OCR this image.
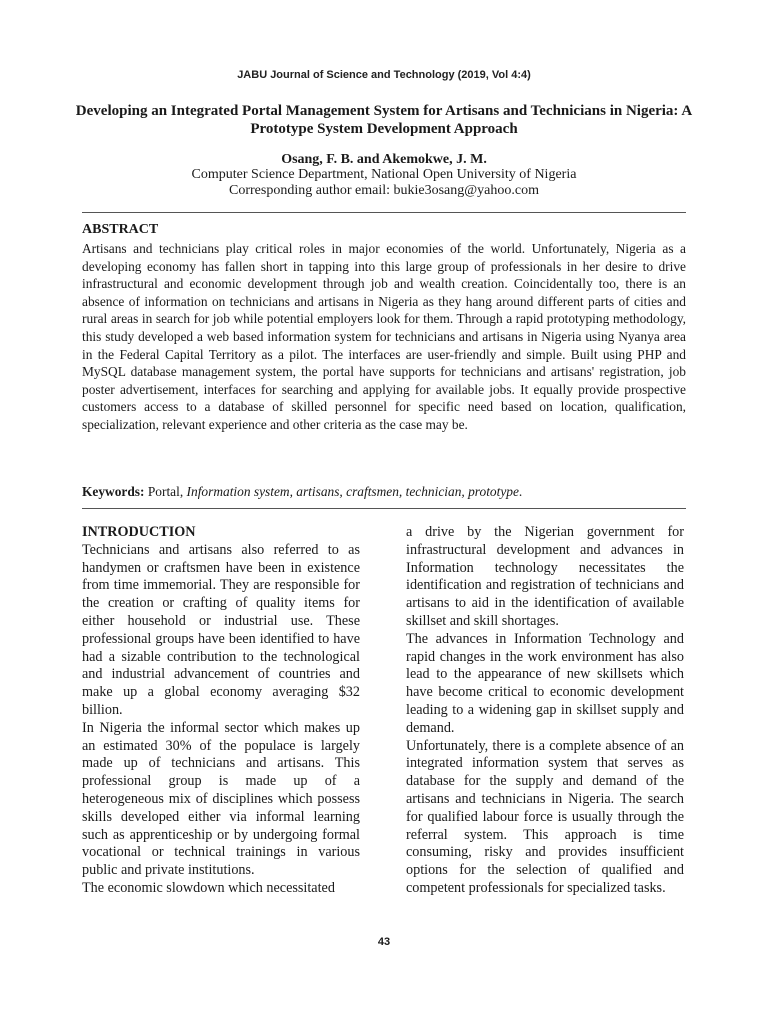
JABU Journal of Science and Technology (2019, Vol 4:4)
Developing an Integrated Portal Management System for Artisans and Technicians in Nigeria: A Prototype System Development Approach
Osang, F. B. and Akemokwe, J. M.
Computer Science Department, National Open University of Nigeria
Corresponding author email: bukie3osang@yahoo.com
ABSTRACT
Artisans and technicians play critical roles in major economies of the world. Unfortunately, Nigeria as a developing economy has fallen short in tapping into this large group of professionals in her desire to drive infrastructural and economic development through job and wealth creation. Coincidentally too, there is an absence of information on technicians and artisans in Nigeria as they hang around different parts of cities and rural areas in search for job while potential employers look for them. Through a rapid prototyping methodology, this study developed a web based information system for technicians and artisans in Nigeria using Nyanya area in the Federal Capital Territory as a pilot. The interfaces are user-friendly and simple. Built using PHP and MySQL database management system, the portal have supports for technicians and artisans' registration, job poster advertisement, interfaces for searching and applying for available jobs. It equally provide prospective customers access to a database of skilled personnel for specific need based on location, qualification, specialization, relevant experience and other criteria as the case may be.
Keywords: Portal, Information system, artisans, craftsmen, technician, prototype.
INTRODUCTION

Technicians and artisans also referred to as handymen or craftsmen have been in existence from time immemorial. They are responsible for the creation or crafting of quality items for either household or industrial use. These professional groups have been identified to have had a sizable contribution to the technological and industrial advancement of countries and make up a global economy averaging $32 billion.

In Nigeria the informal sector which makes up an estimated 30% of the populace is largely made up of technicians and artisans. This professional group is made up of a heterogeneous mix of disciplines which possess skills developed either via informal learning such as apprenticeship or by undergoing formal vocational or technical trainings in various public and private institutions.

The economic slowdown which necessitated

a drive by the Nigerian government for infrastructural development and advances in Information technology necessitates the identification and registration of technicians and artisans to aid in the identification of available skillset and skill shortages.

The advances in Information Technology and rapid changes in the work environment has also lead to the appearance of new skillsets which have become critical to economic development leading to a widening gap in skillset supply and demand.

Unfortunately, there is a complete absence of an integrated information system that serves as database for the supply and demand of the artisans and technicians in Nigeria. The search for qualified labour force is usually through the referral system. This approach is time consuming, risky and provides insufficient options for the selection of qualified and competent professionals for specialized tasks.

43
